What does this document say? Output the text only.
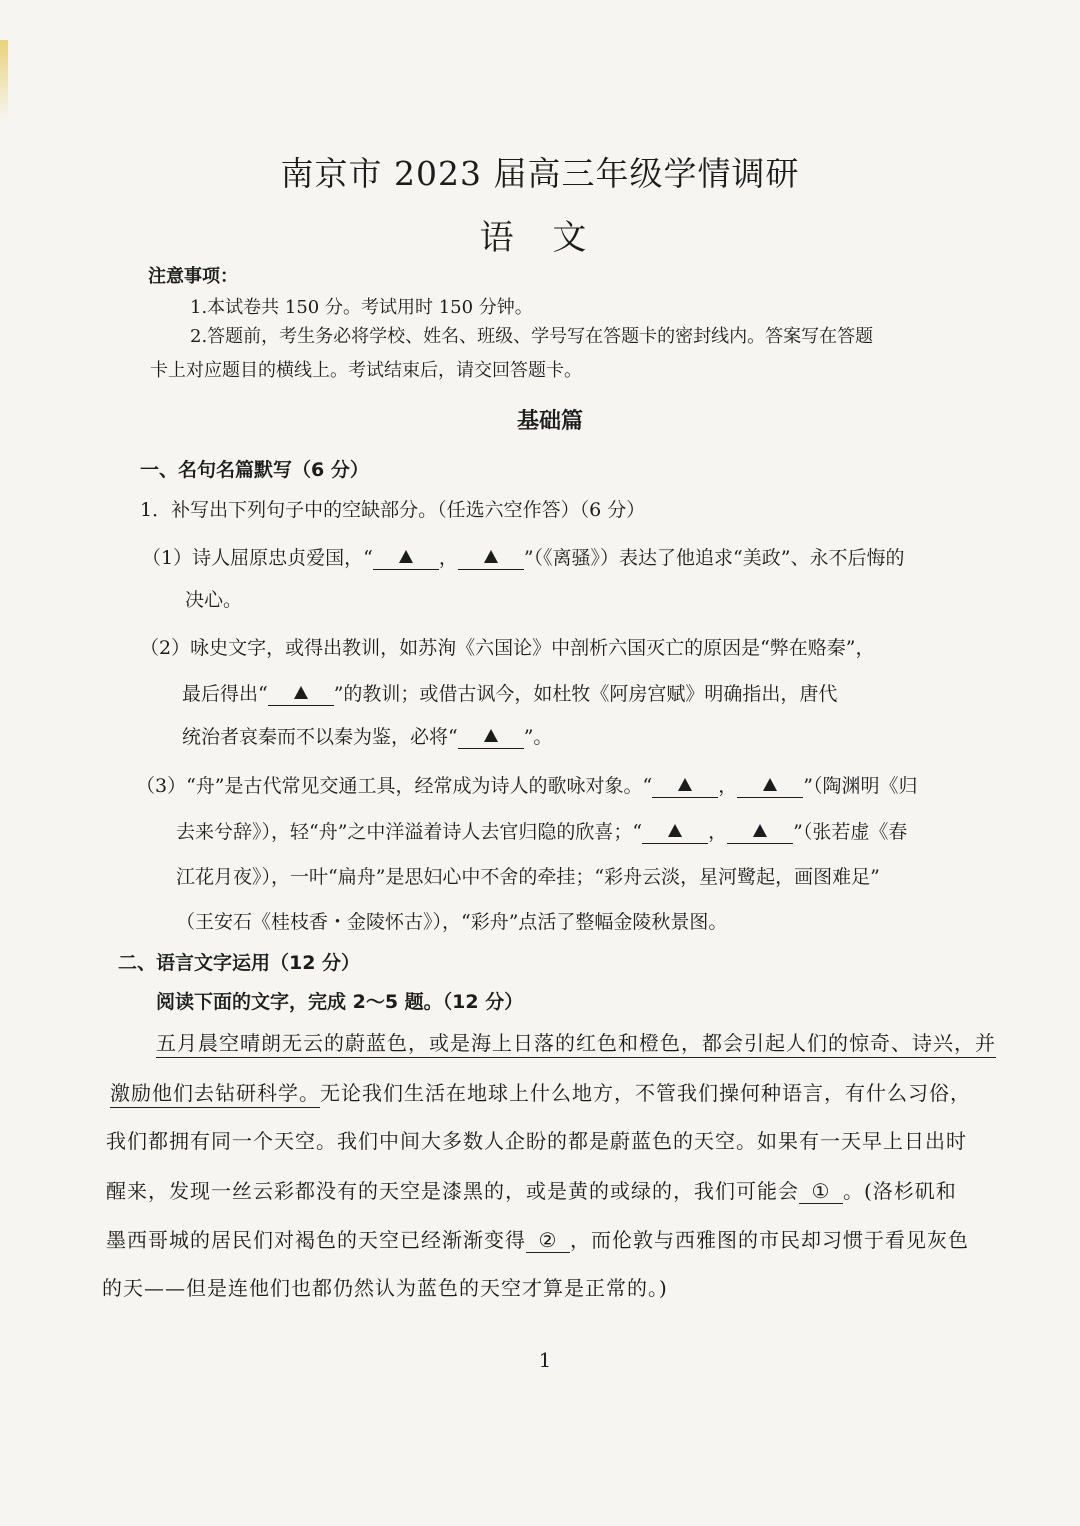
南京市 2023 届高三年级学情调研
语 文
注意事项：
1.本试卷共 150 分。考试用时 150 分钟。
2.答题前，考生务必将学校、姓名、班级、学号写在答题卡的密封线内。答案写在答题
卡上对应题目的横线上。考试结束后，请交回答题卡。
基础篇
一、名句名篇默写（6 分）
1．补写出下列句子中的空缺部分。（任选六空作答）（6 分）
（1）诗人屈原忠贞爱国，“	，	”（《离骚》）表达了他追求“美政”、永不后悔的
决心。
（2）咏史文字，或得出教训，如苏洵《六国论》中剖析六国灭亡的原因是“弊在赂秦”，
最后得出“	”的教训；或借古讽今，如杜牧《阿房宫赋》明确指出，唐代
统治者哀秦而不以秦为鉴，必将“	”。
（3）“舟”是古代常见交通工具，经常成为诗人的歌咏对象。“	，	”（陶渊明《归
去来兮辞》），轻“舟”之中洋溢着诗人去官归隐的欣喜；“	，	”（张若虚《春
江花月夜》），一叶“扁舟”是思妇心中不舍的牵挂；“彩舟云淡，星河鹭起，画图难足”
（王安石《桂枝香・金陵怀古》），“彩舟”点活了整幅金陵秋景图。
二、语言文字运用（12 分）
阅读下面的文字，完成 2～5 题。（12 分）
五月晨空晴朗无云的蔚蓝色，或是海上日落的红色和橙色，都会引起人们的惊奇、诗兴，并
激励他们去钻研科学。无论我们生活在地球上什么地方，不管我们操何种语言，有什么习俗，
我们都拥有同一个天空。我们中间大多数人企盼的都是蔚蓝色的天空。如果有一天早上日出时
醒来，发现一丝云彩都没有的天空是漆黑的，或是黄的或绿的，我们可能会 ① 。(洛杉矶和
墨西哥城的居民们对褐色的天空已经渐渐变得 ② ，而伦敦与西雅图的市民却习惯于看见灰色
的天——但是连他们也都仍然认为蓝色的天空才算是正常的。)
1
